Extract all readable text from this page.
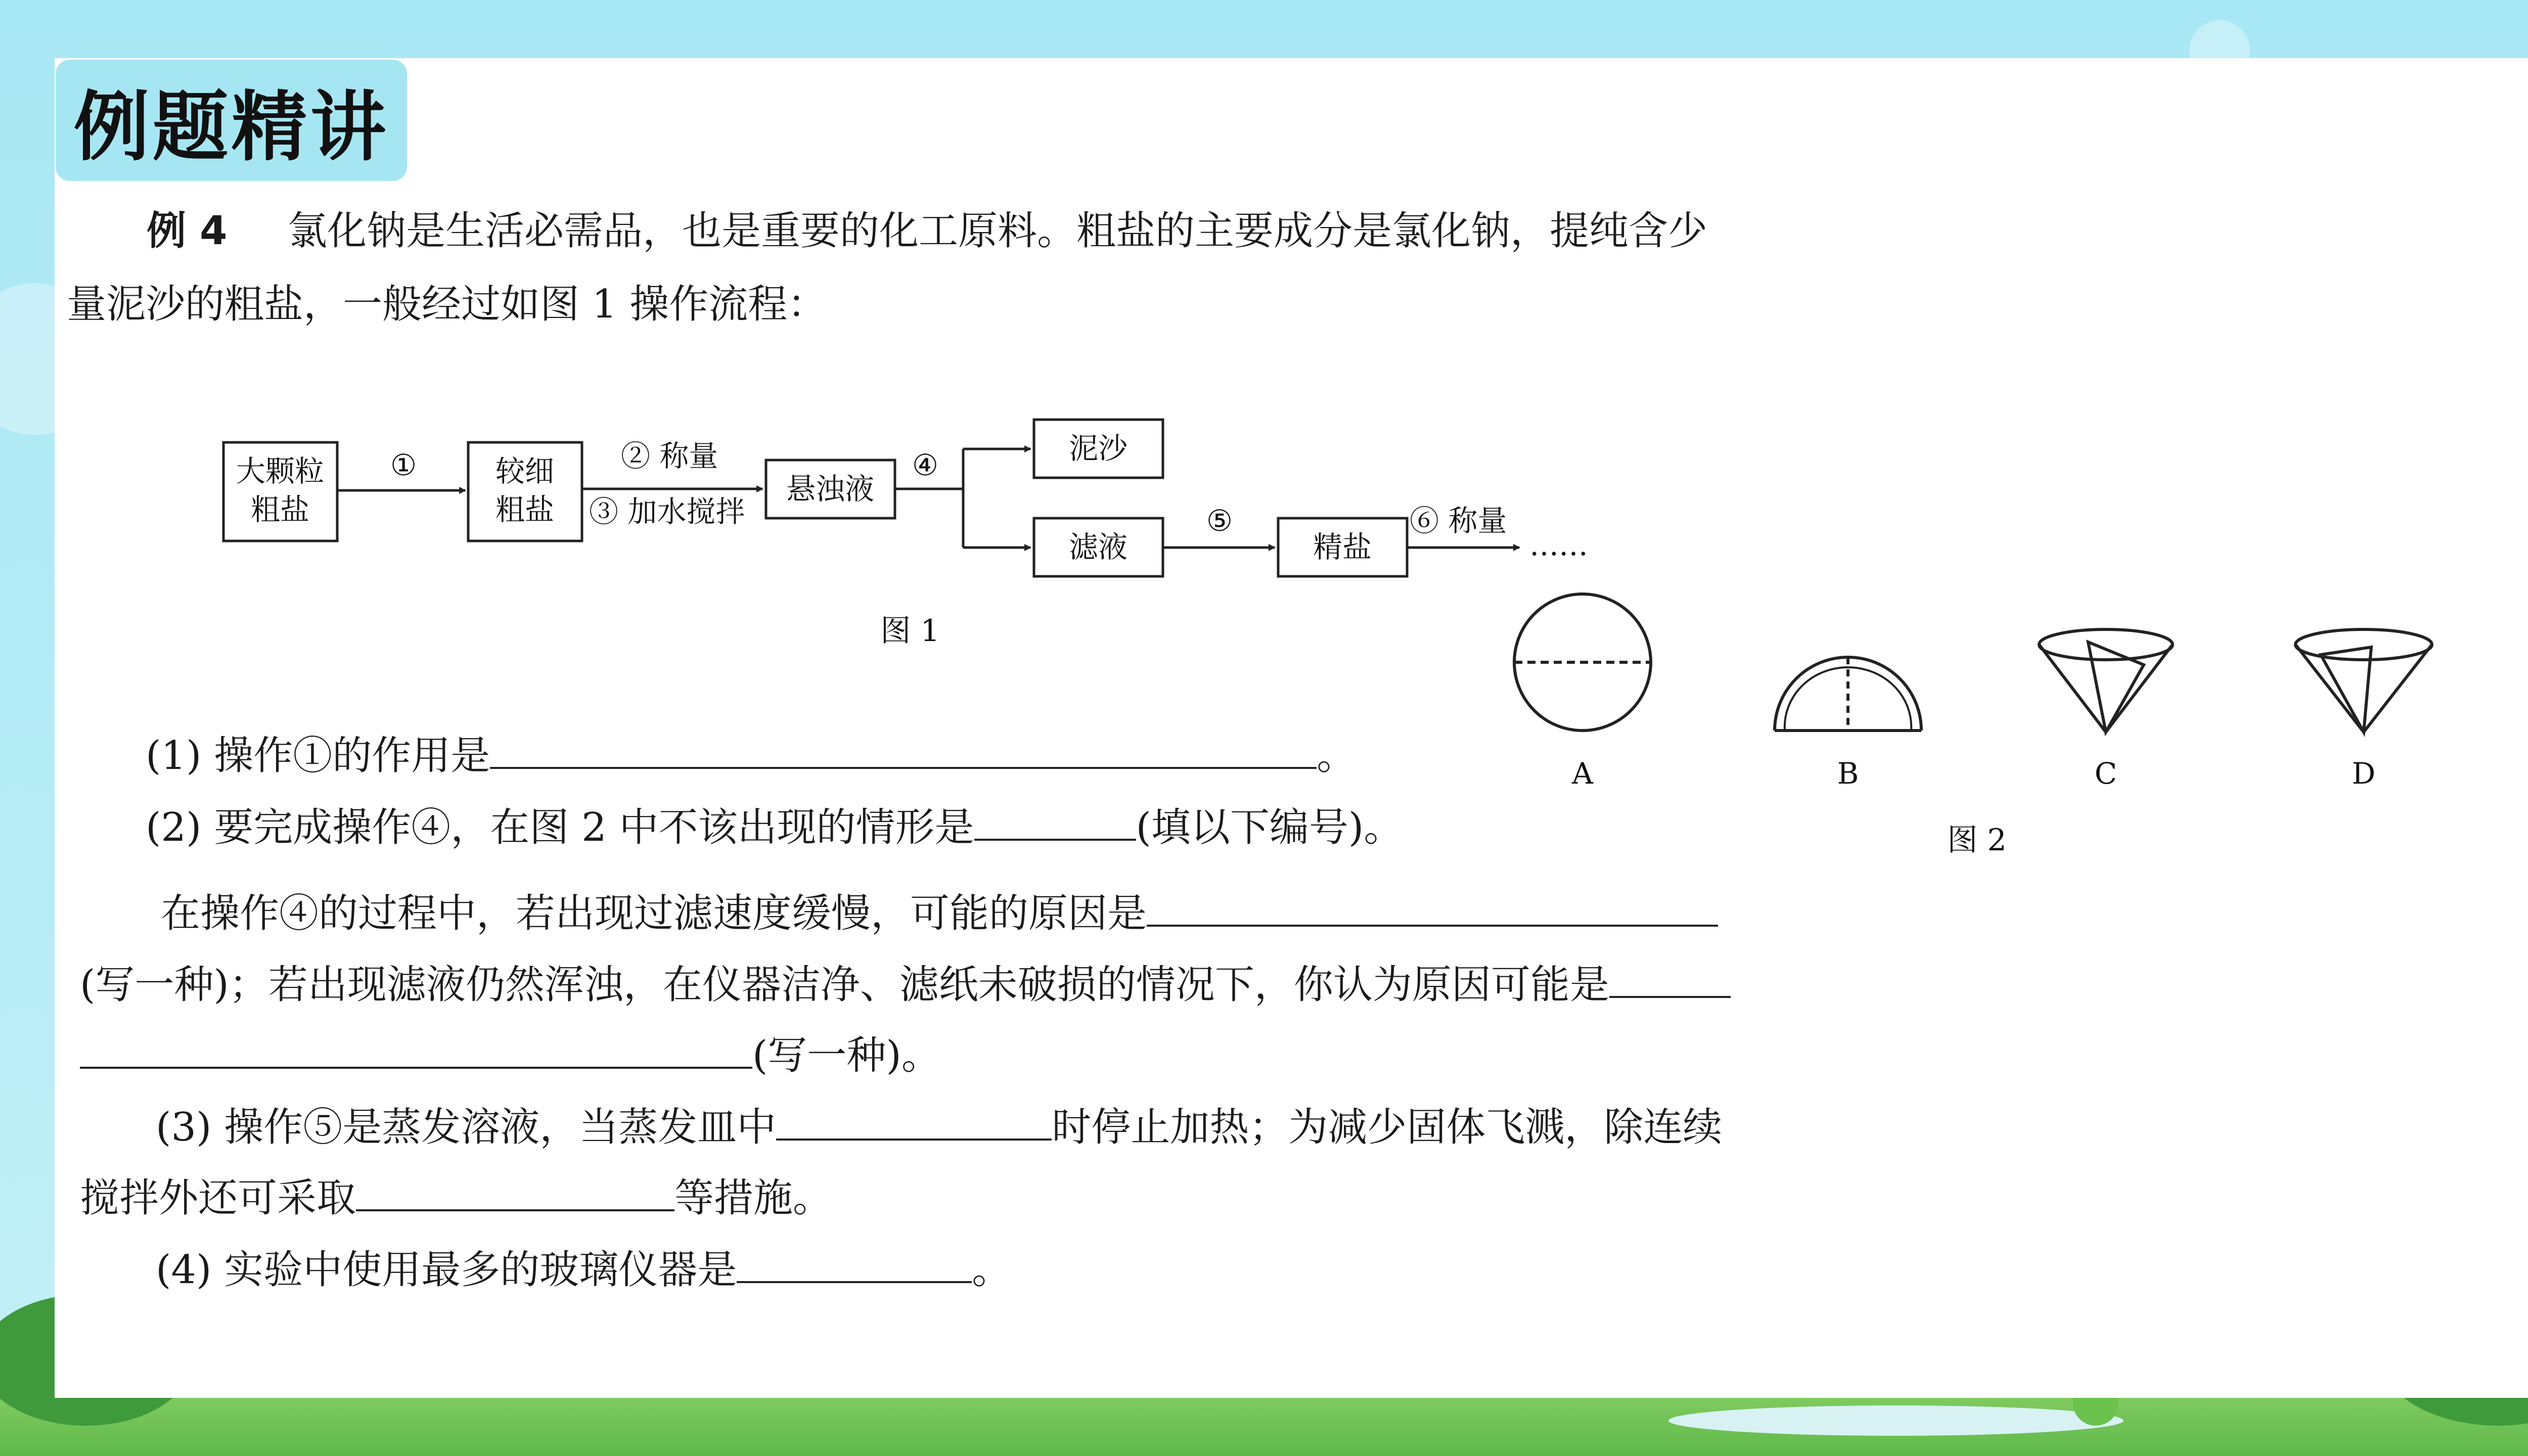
例题精讲
例 4 氯化钠是生活必需品，也是重要的化工原料。粗盐的主要成分是氯化钠，提纯含少
量泥沙的粗盐，一般经过如图 1 操作流程：
大颗粒
粗盐
较细
粗盐
悬浊液
泥沙
滤液	精盐
①	④
⑤
② 称量
③ 加水搅拌	⑥ 称量
……
图 1
A	B	C	D
图 2
(1) 操作①的作用是	。
(2) 要完成操作④，在图 2 中不该出现的情形是	(填以下编号)。
在操作④的过程中，若出现过滤速度缓慢，可能的原因是
(写一种)；若出现滤液仍然浑浊，在仪器洁净、滤纸未破损的情况下，你认为原因可能是
(写一种)。
(3) 操作⑤是蒸发溶液，当蒸发皿中	时停止加热；为减少固体飞溅，除连续
搅拌外还可采取	等措施。
(4) 实验中使用最多的玻璃仪器是	。
